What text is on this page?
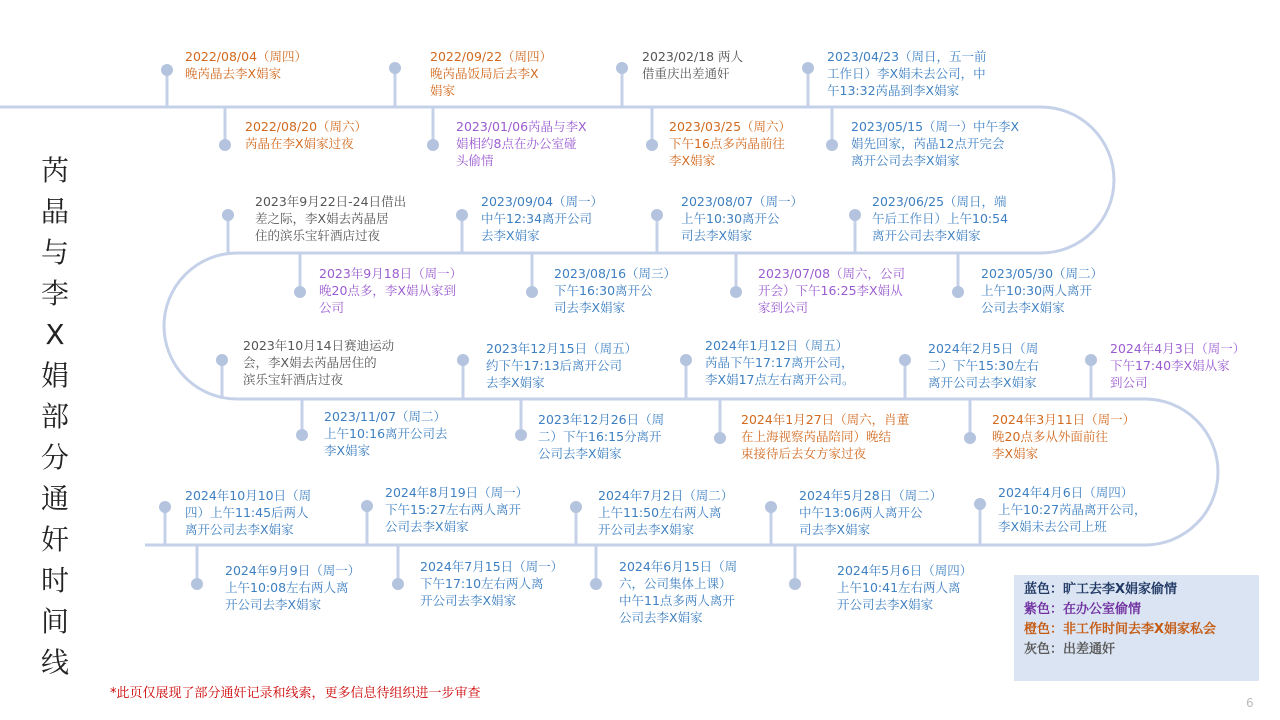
芮晶与李X娟部分通奸时间线
2022/08/04（周四）
晚芮晶去李X娟家
2022/09/22（周四）
晚芮晶饭局后去李X
娟家
2023/02/18 两人
借重庆出差通奸
2023/04/23（周日，五一前
工作日）李X娟未去公司，中
午13:32芮晶到李X娟家
2022/08/20（周六）
芮晶在李X娟家过夜
2023/01/06芮晶与李X
娟相约8点在办公室碰
头偷情
2023/03/25（周六）
下午16点多芮晶前往
李X娟家
2023/05/15（周一）中午李X
娟先回家，芮晶12点开完会
离开公司去李X娟家
2023年9月22日-24日借出
差之际，李X娟去芮晶居
住的滨乐宝轩酒店过夜
2023/09/04（周一）
中午12:34离开公司
去李X娟家
2023/08/07（周一）
上午10:30离开公
司去李X娟家
2023/06/25（周日，端
午后工作日）上午10:54
离开公司去李X娟家
2023年9月18日（周一）
晚20点多，李X娟从家到
公司
2023/08/16（周三）
下午16:30离开公
司去李X娟家
2023/07/08（周六，公司
开会）下午16:25李X娟从
家到公司
2023/05/30（周二）
上午10:30两人离开
公司去李X娟家
2023年10月14日赛迪运动
会，李X娟去芮晶居住的
滨乐宝轩酒店过夜
2023年12月15日（周五）
约下午17:13后离开公司
去李X娟家
2024年1月12日（周五）
芮晶下午17:17离开公司，
李X娟17点左右离开公司。
2024年2月5日（周
二）下午15:30左右
离开公司去李X娟家
2024年4月3日（周一）
下午17:40李X娟从家
到公司
2023/11/07（周二）
上午10:16离开公司去
李X娟家
2023年12月26日（周
二）下午16:15分离开
公司去李X娟家
2024年1月27日（周六，肖董
在上海视察芮晶陪同）晚结
束接待后去女方家过夜
2024年3月11日（周一）
晚20点多从外面前往
李X娟家
2024年10月10日（周
四）上午11:45后两人
离开公司去李X娟家
2024年8月19日（周一）
下午15:27左右两人离开
公司去李X娟家
2024年7月2日（周二）
上午11:50左右两人离
开公司去李X娟家
2024年5月28日（周二）
中午13:06两人离开公
司去李X娟家
2024年4月6日（周四）
上午10:27芮晶离开公司，
李X娟未去公司上班
2024年9月9日（周一）
上午10:08左右两人离
开公司去李X娟家
2024年7月15日（周一）
下午17:10左右两人离
开公司去李X娟家
2024年6月15日（周
六，公司集体上课）
中午11点多两人离开
公司去李X娟家
2024年5月6日（周四）
上午10:41左右两人离
开公司去李X娟家
蓝色：旷工去李X娟家偷情
紫色：在办公室偷情
橙色：非工作时间去李X娟家私会
灰色：出差通奸
*此页仅展现了部分通奸记录和线索，更多信息待组织进一步审查
6
